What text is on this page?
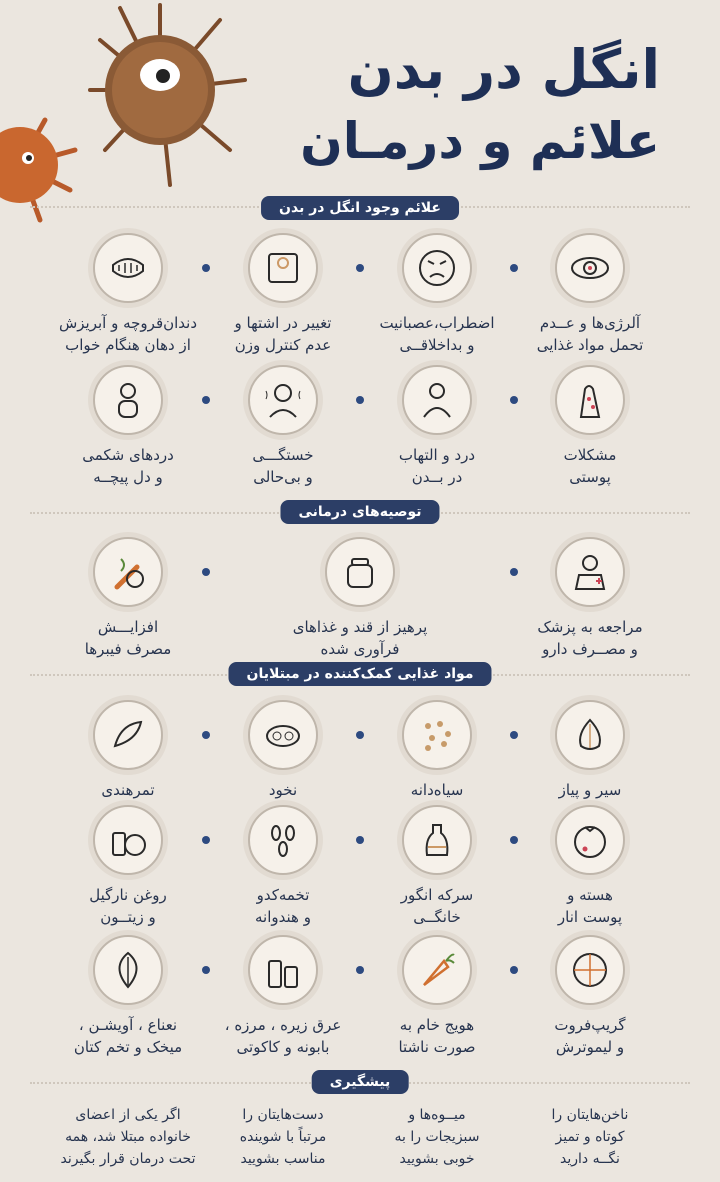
انگل در بدن
علائم و درمـان
علائم وجود انگل در بدن
توصیه‌های درمانی
مواد غذایی کمک‌کننده در مبتلایان
پیشگیری
آلرژی‌ها و عــدم
تحمل مواد غذایی
اضطراب،عصبانیت
و بداخلاقــی
تغییر در اشتها و
عدم کنترل وزن
دندان‌قروچه و آبریزش
از دهان هنگام خواب
مشکلات
پوستی
درد و التهاب
در بــدن
خستگـــی
و بی‌حالی
دردهای شکمی
و دل پیچــه
مراجعه به پزشک
و مصــرف دارو
پرهیز از قند و غذاهای فرآوری شده
افزایـــش
مصرف فیبرها
سیر و پیاز
سیاه‌دانه
نخود
تمرهندی
هسته و
پوست انار
سرکه انگور
خانگــی
تخمه‌کدو
و هندوانه
روغن نارگیل
و زیتــون
گریپ‌فروت
و لیموترش
هویج خام به
صورت ناشتا
عرق زیره ، مرزه ،
بابونه و کاکوتی
نعناع ، آویشـن ،
میخک و تخم کتان
ناخن‌هایتان را
کوتاه و تمیز
نگــه دارید
میــوه‌ها و
سبزیجات را به
خوبی بشویید
دست‌هایتان را
مرتباً با شوینده
مناسب بشویید
اگر یکی از اعضای
خانواده مبتلا شد، همه
تحت درمان قرار بگیرند
